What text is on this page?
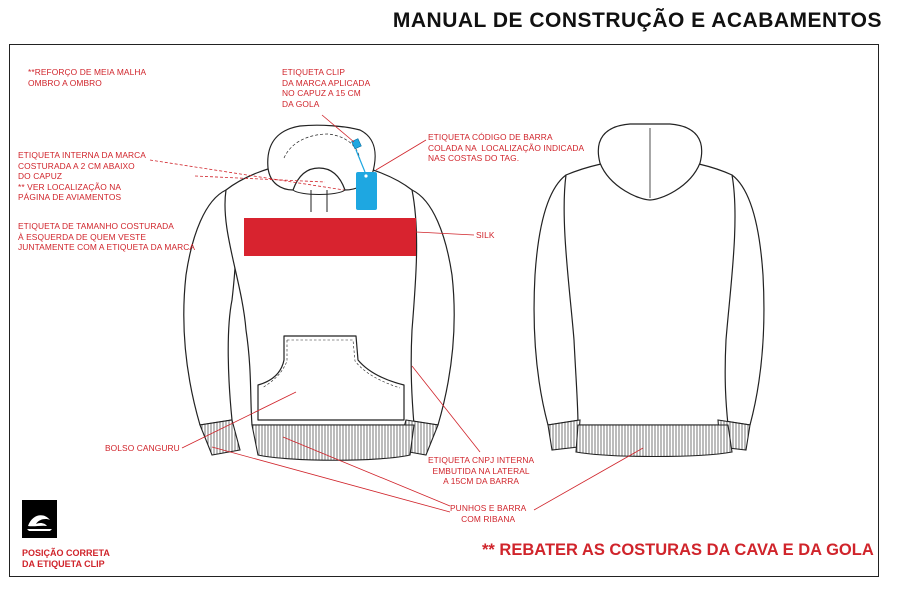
MANUAL DE CONSTRUÇÃO E ACABAMENTOS
**REFORÇO DE MEIA MALHA
OMBRO A OMBRO
ETIQUETA CLIP
DA MARCA APLICADA
NO CAPUZ A 15 CM
DA GOLA
ETIQUETA CÓDIGO DE BARRA
COLADA NA  LOCALIZAÇÃO INDICADA
NAS COSTAS DO TAG.
ETIQUETA INTERNA DA MARCA
COSTURADA A 2 CM ABAIXO
DO CAPUZ
** VER LOCALIZAÇÃO NA
PÁGINA DE AVIAMENTOS
ETIQUETA DE TAMANHO COSTURADA
À ESQUERDA DE QUEM VESTE
JUNTAMENTE COM A ETIQUETA DA MARCA
SILK
BOLSO CANGURU
ETIQUETA CNPJ INTERNA
EMBUTIDA NA LATERAL
A 15CM DA BARRA
PUNHOS E BARRA
COM RIBANA
POSIÇÃO CORRETA
DA ETIQUETA CLIP
** REBATER AS COSTURAS DA CAVA E DA GOLA
